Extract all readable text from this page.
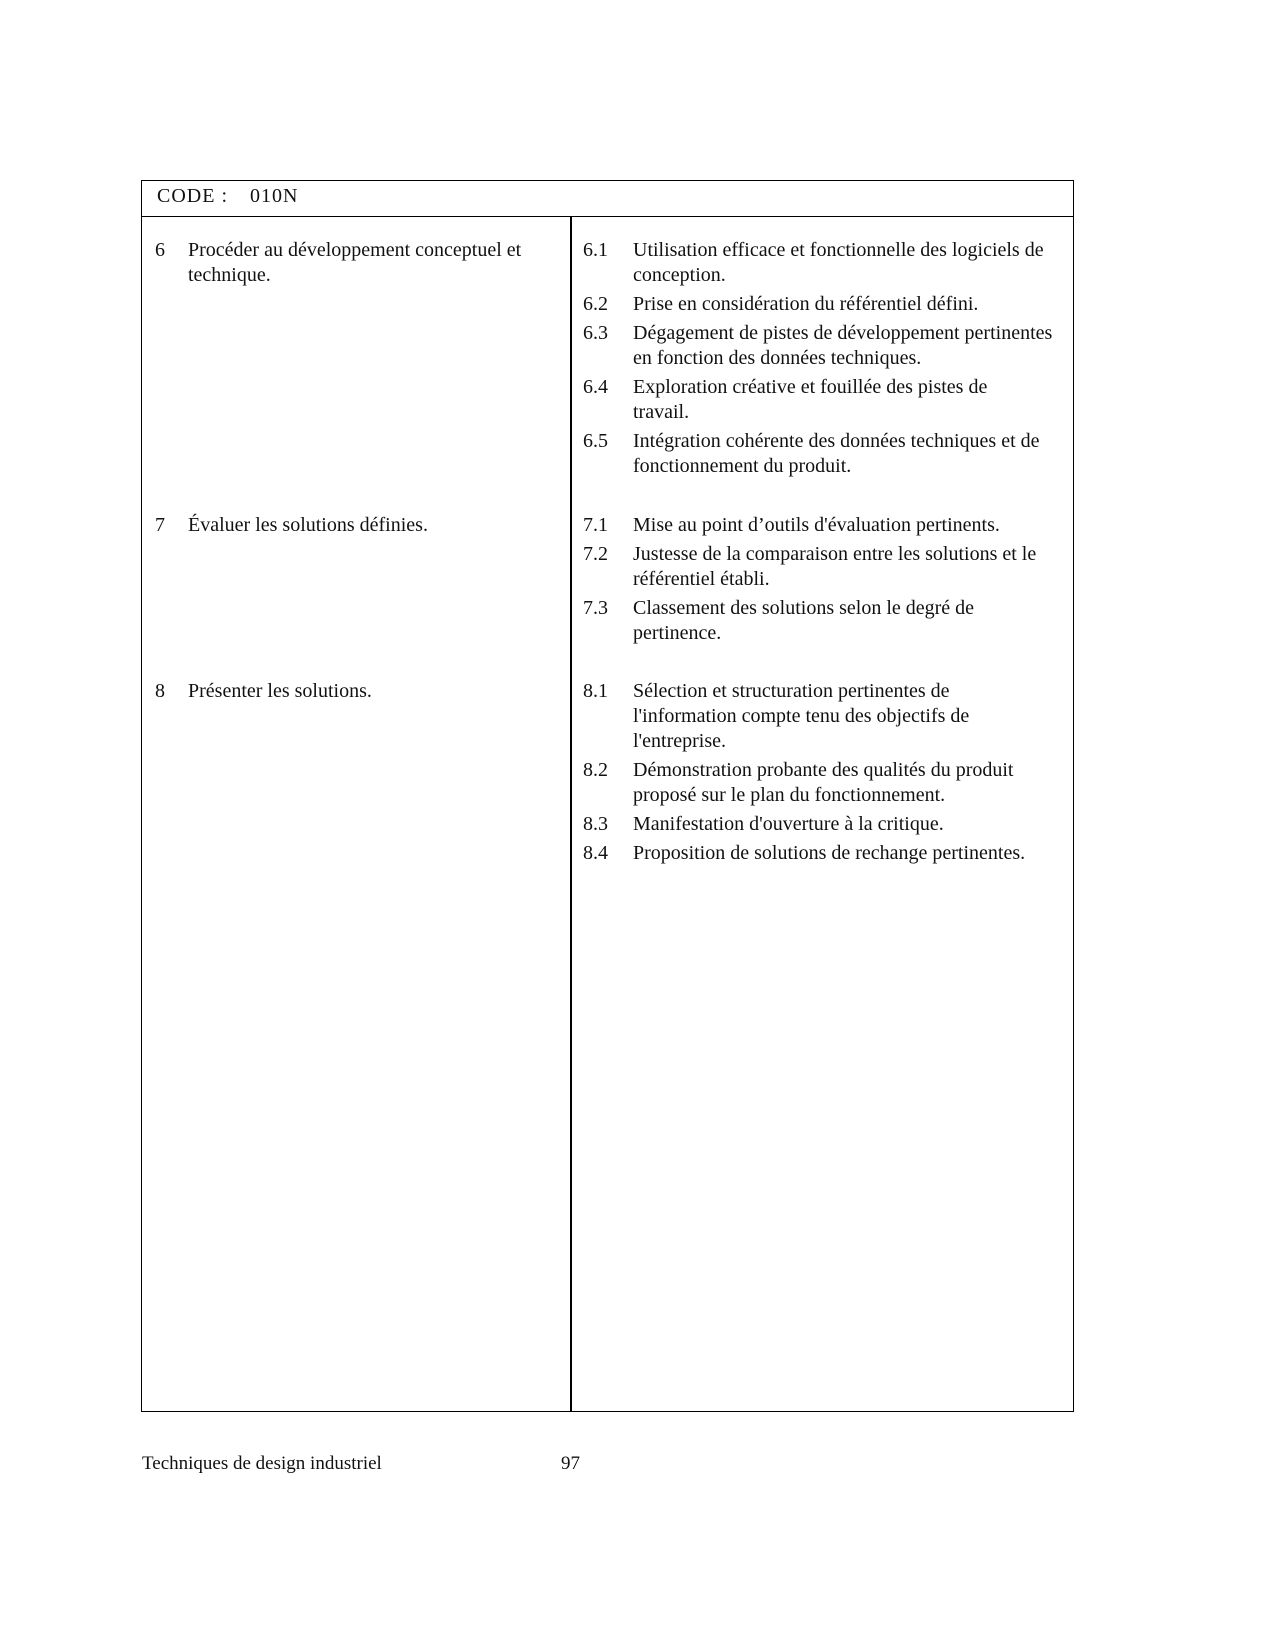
CODE : 010N
6 Procéder au développement conceptuel et technique.
7 Évaluer les solutions définies.
8 Présenter les solutions.
6.1 Utilisation efficace et fonctionnelle des logiciels de conception.
6.2 Prise en considération du référentiel défini.
6.3 Dégagement de pistes de développement pertinentes en fonction des données techniques.
6.4 Exploration créative et fouillée des pistes de travail.
6.5 Intégration cohérente des données techniques et de fonctionnement du produit.
7.1 Mise au point d’outils d'évaluation pertinents.
7.2 Justesse de la comparaison entre les solutions et le référentiel établi.
7.3 Classement des solutions selon le degré de pertinence.
8.1 Sélection et structuration pertinentes de l'information compte tenu des objectifs de l'entreprise.
8.2 Démonstration probante des qualités du produit proposé sur le plan du fonctionnement.
8.3 Manifestation d'ouverture à la critique.
8.4 Proposition de solutions de rechange pertinentes.
Techniques de design industriel	97
